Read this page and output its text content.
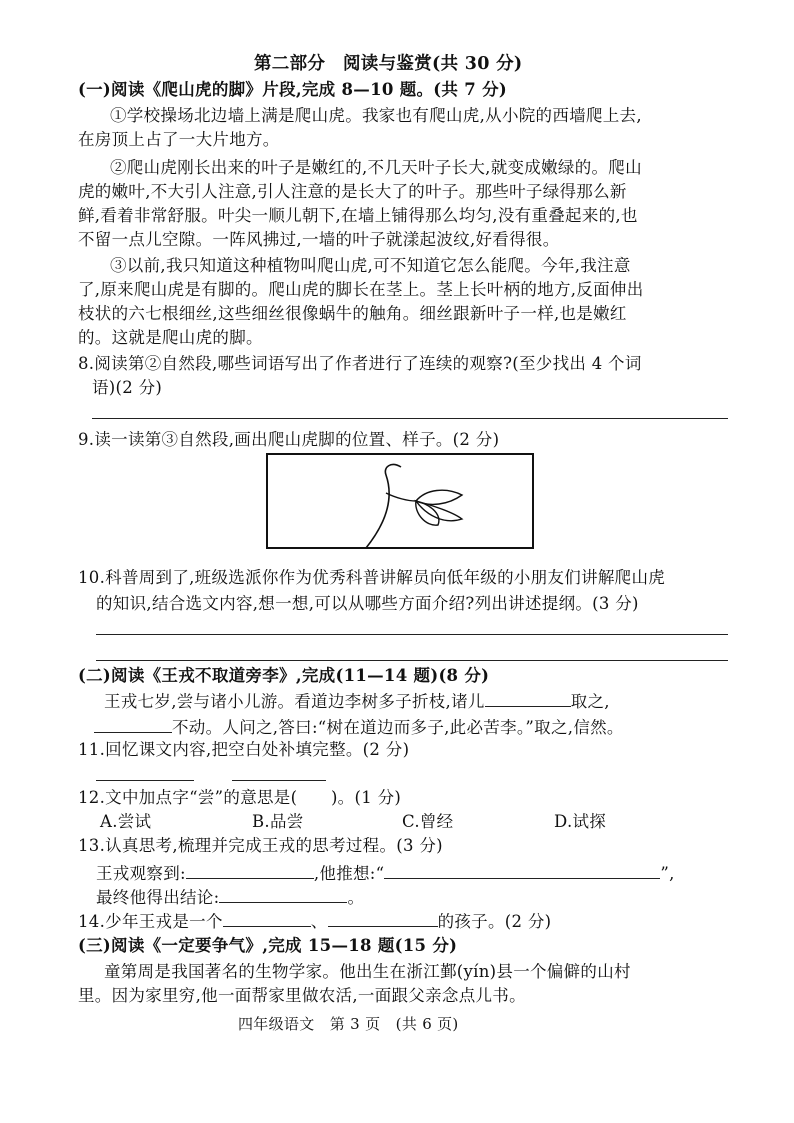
第二部分　阅读与鉴赏(共 30 分)
(一)阅读《爬山虎的脚》片段,完成 8—10 题。(共 7 分)
①学校操场北边墙上满是爬山虎。我家也有爬山虎,从小院的西墙爬上去,
在房顶上占了一大片地方。
②爬山虎刚长出来的叶子是嫩红的,不几天叶子长大,就变成嫩绿的。爬山
虎的嫩叶,不大引人注意,引人注意的是长大了的叶子。那些叶子绿得那么新
鲜,看着非常舒服。叶尖一顺儿朝下,在墙上铺得那么均匀,没有重叠起来的,也
不留一点儿空隙。一阵风拂过,一墙的叶子就漾起波纹,好看得很。
③以前,我只知道这种植物叫爬山虎,可不知道它怎么能爬。今年,我注意
了,原来爬山虎是有脚的。爬山虎的脚长在茎上。茎上长叶柄的地方,反面伸出
枝状的六七根细丝,这些细丝很像蜗牛的触角。细丝跟新叶子一样,也是嫩红
的。这就是爬山虎的脚。
8.阅读第②自然段,哪些词语写出了作者进行了连续的观察?(至少找出 4 个词
语)(2 分)
9.读一读第③自然段,画出爬山虎脚的位置、样子。(2 分)
10.科普周到了,班级选派你作为优秀科普讲解员向低年级的小朋友们讲解爬山虎
的知识,结合选文内容,想一想,可以从哪些方面介绍?列出讲述提纲。(3 分)
(二)阅读《王戎不取道旁李》,完成(11—14 题)(8 分)
王戎七岁,尝与诸小儿游。看道边李树多子折枝,诸儿	取之,
不动。人问之,答曰:“树在道边而多子,此必苦李。”取之,信然。
11.回忆课文内容,把空白处补填完整。(2 分)
12.文中加点字“尝”的意思是(　　)。(1 分)
A.尝试	B.品尝	C.曾经	D.试探
13.认真思考,梳理并完成王戎的思考过程。(3 分)
王戎观察到:	,他推想:“	”,
最终他得出结论:	。
14.少年王戎是一个	、	的孩子。(2 分)
(三)阅读《一定要争气》,完成 15—18 题(15 分)
童第周是我国著名的生物学家。他出生在浙江鄞(yín)县一个偏僻的山村
里。因为家里穷,他一面帮家里做农活,一面跟父亲念点儿书。
四年级语文　第 3 页　(共 6 页)
